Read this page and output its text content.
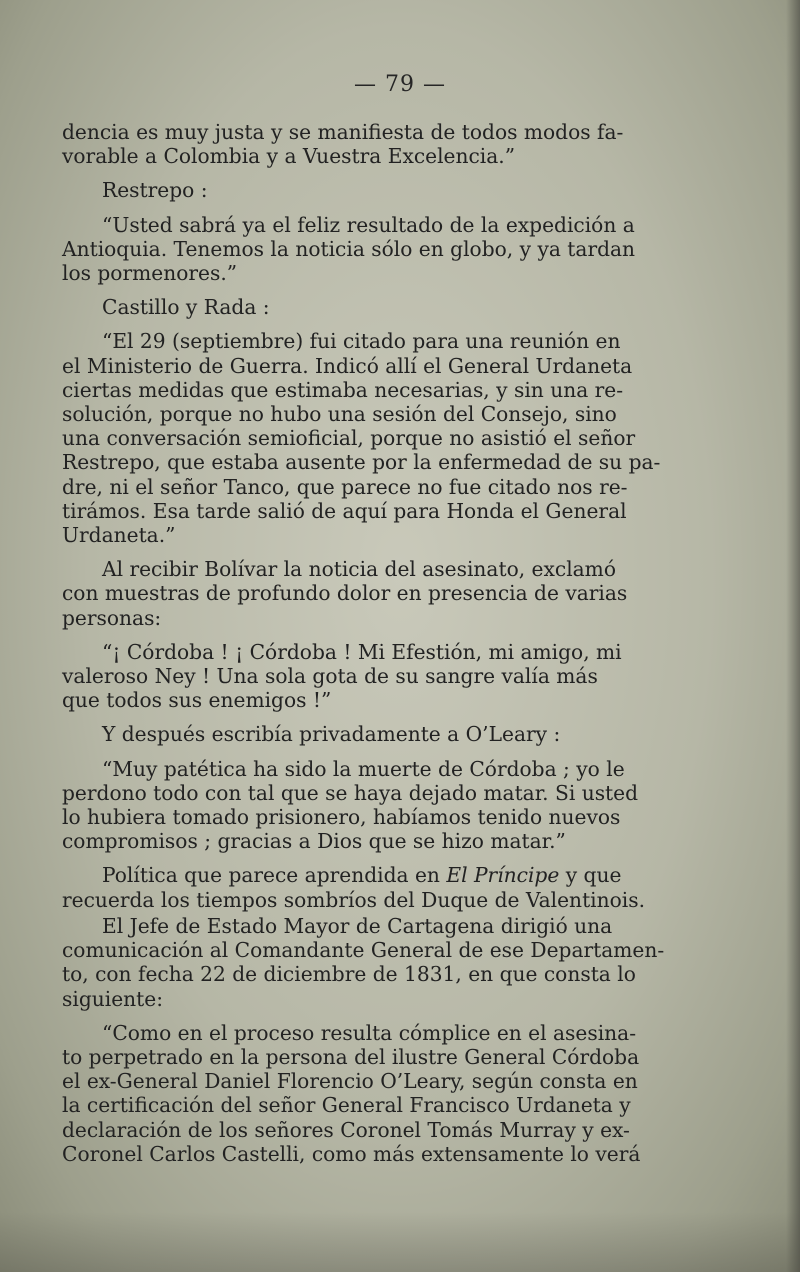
— 79 —
dencia es muy justa y se manifiesta de todos modos fa-
vorable a Colombia y a Vuestra Excelencia.”
Restrepo :
“Usted sabrá ya el feliz resultado de la expedición a
Antioquia. Tenemos la noticia sólo en globo, y ya tardan
los pormenores.”
Castillo y Rada :
“El 29 (septiembre) fui citado para una reunión en
el Ministerio de Guerra. Indicó allí el General Urdaneta
ciertas medidas que estimaba necesarias, y sin una re-
solución, porque no hubo una sesión del Consejo, sino
una conversación semioficial, porque no asistió el señor
Restrepo, que estaba ausente por la enfermedad de su pa-
dre, ni el señor Tanco, que parece no fue citado nos re-
tirámos. Esa tarde salió de aquí para Honda el General
Urdaneta.”
Al recibir Bolívar la noticia del asesinato, exclamó
con muestras de profundo dolor en presencia de varias
personas:
“¡ Córdoba ! ¡ Córdoba ! Mi Efestión, mi amigo, mi
valeroso Ney ! Una sola gota de su sangre valía más
que todos sus enemigos !”
Y después escribía privadamente a O’Leary :
“Muy patética ha sido la muerte de Córdoba ; yo le
perdono todo con tal que se haya dejado matar. Si usted
lo hubiera tomado prisionero, habíamos tenido nuevos
compromisos ; gracias a Dios que se hizo matar.”
Política que parece aprendida en El Príncipe y que
recuerda los tiempos sombríos del Duque de Valentinois.
El Jefe de Estado Mayor de Cartagena dirigió una
comunicación al Comandante General de ese Departamen-
to, con fecha 22 de diciembre de 1831, en que consta lo
siguiente:
“Como en el proceso resulta cómplice en el asesina-
to perpetrado en la persona del ilustre General Córdoba
el ex-General Daniel Florencio O’Leary, según consta en
la certificación del señor General Francisco Urdaneta y
declaración de los señores Coronel Tomás Murray y ex-
Coronel Carlos Castelli, como más extensamente lo verá
